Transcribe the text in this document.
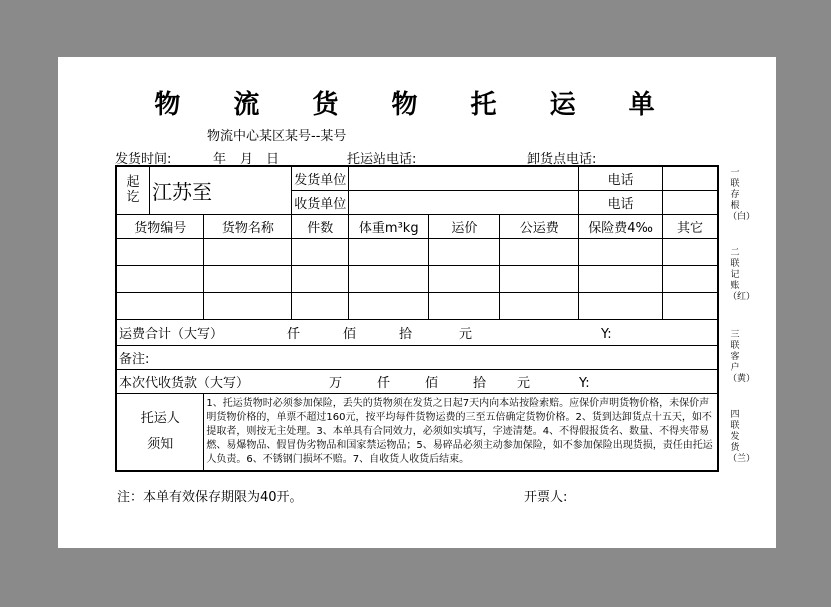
物 流 货 物 托 运 单
物流中心某区某号--某号
发货时间:	年 月 日	托运站电话:	卸货点电话:
起
讫	江苏至		发货单位				电话	
			收货单位				电话	
货物编号		货物名称	件数	体重m³kg	运价	公运费	保险费4‰	其它

运费合计（大写） 仟 佰 拾 元 Y:								
备注:								
本次代收货款（大写） 万 仟 佰 拾 元 Y:								

托运人
须知		1、托运货物时必须参加保险，丢失的货物须在发货之日起7天内向本站按险索赔。应保价声明货物价格，未保价声明货物价格的，单票不超过160元，按平均每件货物运费的三至五倍确定货物价格。2、货到达卸货点十五天，如不提取者，则按无主处理。3、本单具有合同效力，必须如实填写，字迹清楚。4、不得假报货名、数量、不得夹带易燃、易爆物品、假冒伪劣物品和国家禁运物品；5、易碎品必须主动参加保险，如不参加保险出现货损，责任由托运人负责。6、不锈钢门损坏不赔。7、自收货人收货后结束。						
注：本单有效保存期限为40开。	开票人:
一联存根（白）
二联记账（红）
三联客户（黄）
四联发货（兰）
